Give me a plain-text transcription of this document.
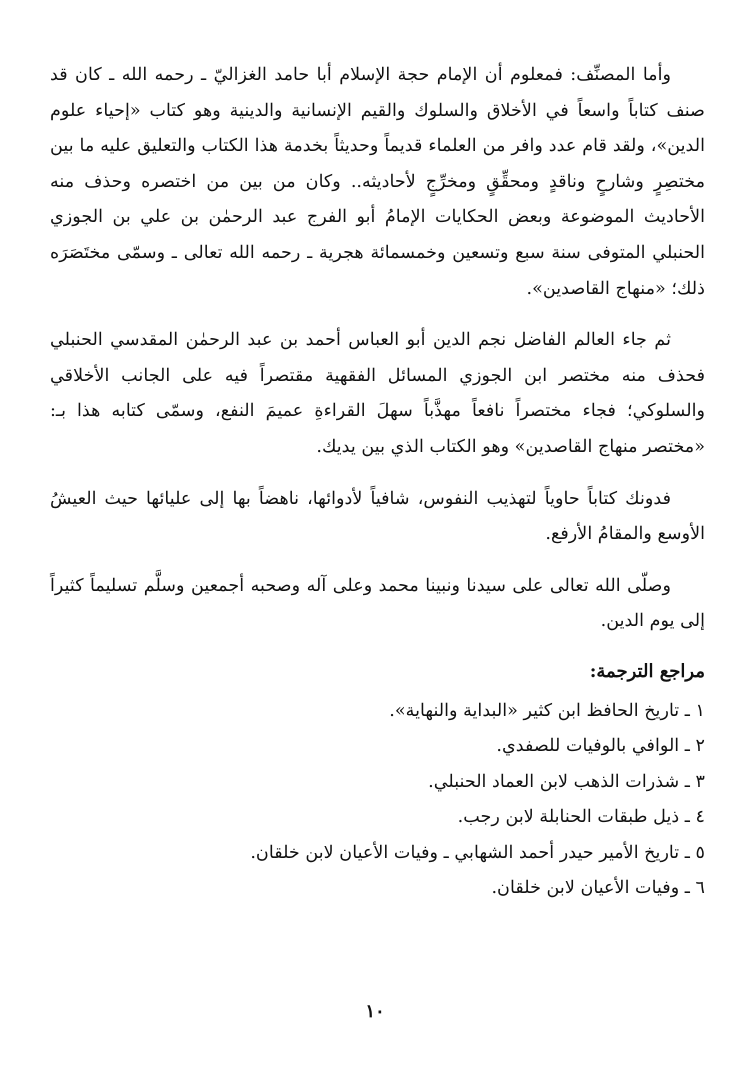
وأما المصنِّف: فمعلوم أن الإمام حجة الإسلام أبا حامد الغزاليّ ـ رحمه الله ـ كان قد صنف كتاباً واسعاً في الأخلاق والسلوك والقيم الإنسانية والدينية وهو كتاب «إحياء علوم الدين»، ولقد قام عدد وافر من العلماء قديماً وحديثاً بخدمة هذا الكتاب والتعليق عليه ما بين مختصِرٍ وشارحٍ وناقدٍ ومحقِّقٍ ومخرِّجٍ لأحاديثه.. وكان من بين من اختصره وحذف منه الأحاديث الموضوعة وبعض الحكايات الإمامُ أبو الفرج عبد الرحمٰن بن علي بن الجوزي الحنبلي المتوفى سنة سبع وتسعين وخمسمائة هجرية ـ رحمه الله تعالى ـ وسمّى مختَصَرَه ذلك؛ «منهاج القاصدين».

ثم جاء العالم الفاضل نجم الدين أبو العباس أحمد بن عبد الرحمٰن المقدسي الحنبلي فحذف منه مختصر ابن الجوزي المسائل الفقهية مقتصراً فيه على الجانب الأخلاقي والسلوكي؛ فجاء مختصراً نافعاً مهذَّباً سهلَ القراءةِ عميمَ النفع، وسمّى كتابه هذا بـ: «مختصر منهاج القاصدين» وهو الكتاب الذي بين يديك.

فدونك كتاباً حاوياً لتهذيب النفوس، شافياً لأدوائها، ناهضاً بها إلى عليائها حيث العيشُ الأوسع والمقامُ الأرفع.

وصلّى الله تعالى على سيدنا ونبينا محمد وعلى آله وصحبه أجمعين وسلَّم تسليماً كثيراً إلى يوم الدين.

مراجع الترجمة:
١ ـ تاريخ الحافظ ابن كثير «البداية والنهاية».
٢ ـ الوافي بالوفيات للصفدي.
٣ ـ شذرات الذهب لابن العماد الحنبلي.
٤ ـ ذيل طبقات الحنابلة لابن رجب.
٥ ـ تاريخ الأمير حيدر أحمد الشهابي ـ وفيات الأعيان لابن خلقان.
٦ ـ وفيات الأعيان لابن خلقان.
١٠
